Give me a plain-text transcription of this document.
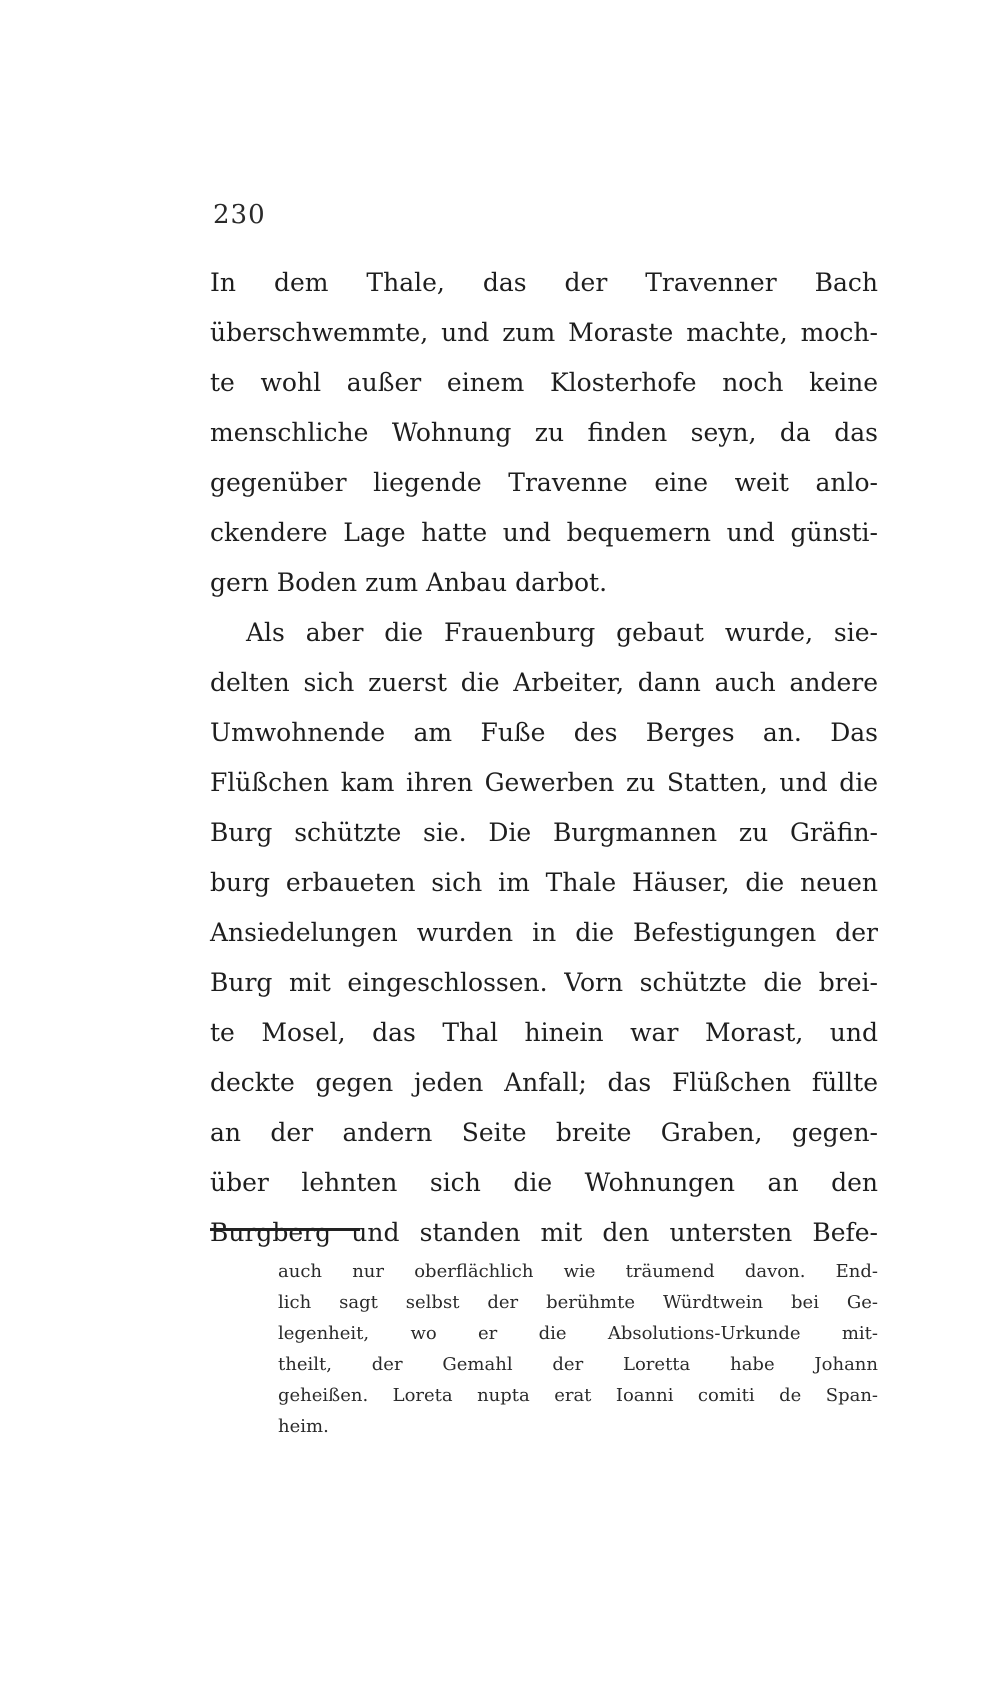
230
In dem Thale, das der Travenner Bach
überschwemmte, und zum Moraste machte, moch-
te wohl außer einem Klosterhofe noch keine
menschliche Wohnung zu finden seyn, da das
gegenüber liegende Travenne eine weit anlo-
ckendere Lage hatte und bequemern und günsti-
gern Boden zum Anbau darbot.
Als aber die Frauenburg gebaut wurde, sie-
delten sich zuerst die Arbeiter, dann auch andere
Umwohnende am Fuße des Berges an. Das
Flüßchen kam ihren Gewerben zu Statten, und die
Burg schützte sie. Die Burgmannen zu Gräfin-
burg erbaueten sich im Thale Häuser, die neuen
Ansiedelungen wurden in die Befestigungen der
Burg mit eingeschlossen. Vorn schützte die brei-
te Mosel, das Thal hinein war Morast, und
deckte gegen jeden Anfall; das Flüßchen füllte
an der andern Seite breite Graben, gegen-
über lehnten sich die Wohnungen an den
Burgberg und standen mit den untersten Befe-
auch nur oberflächlich wie träumend davon. End-
lich sagt selbst der berühmte Würdtwein bei Ge-
legenheit, wo er die Absolutions-Urkunde mit-
theilt, der Gemahl der Loretta habe Johann
geheißen. Loreta nupta erat Ioanni comiti de Span-
heim.
